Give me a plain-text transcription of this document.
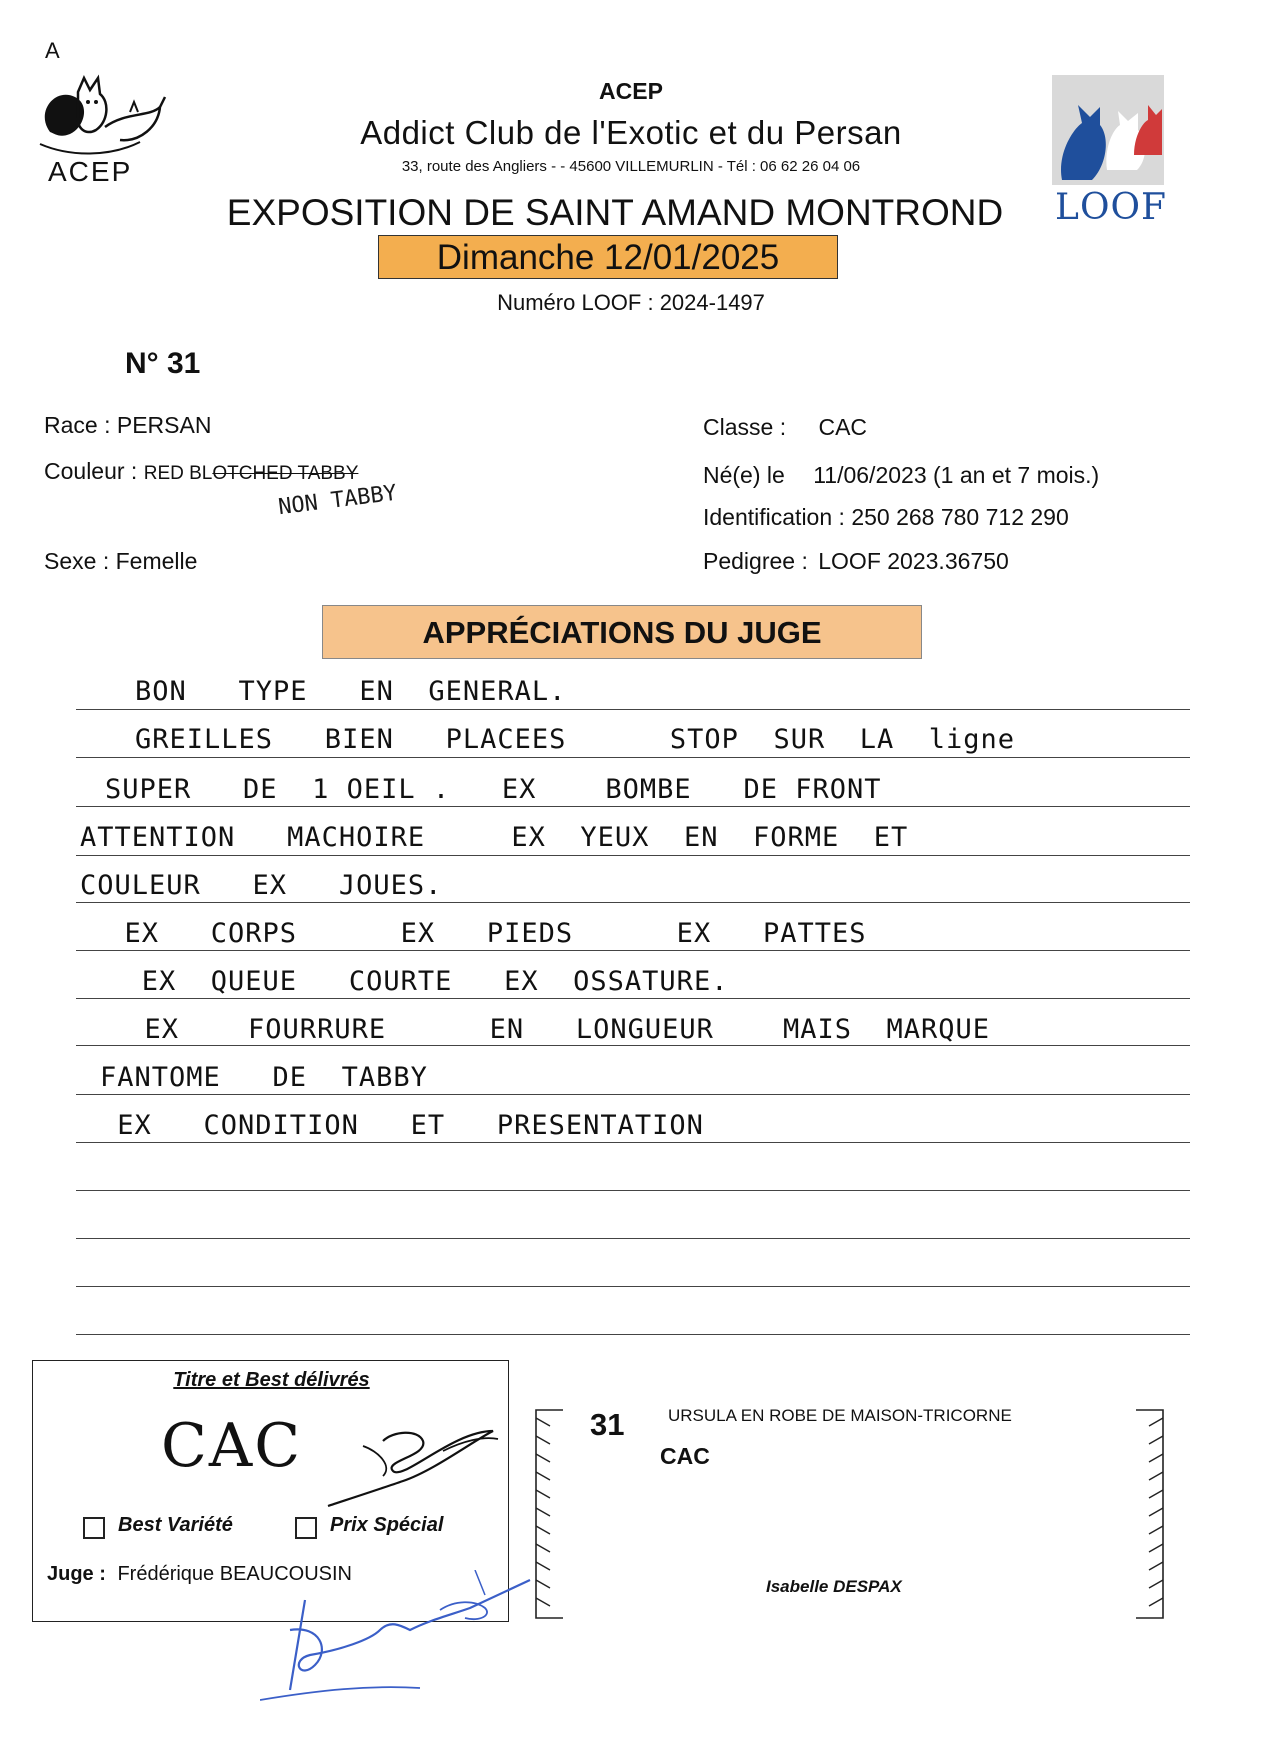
A
ACEP
ACEP
Addict Club de l'Exotic et du Persan
33, route des Angliers - - 45600 VILLEMURLIN - Tél : 06 62 26 04 06
EXPOSITION DE SAINT AMAND MONTROND
Dimanche 12/01/2025
Numéro LOOF : 2024-1497
LOOF
N° 31
Race : PERSAN
Couleur : RED BLOTCHED TABBY
NON TABBY
Sexe : Femelle
Classe : CAC
Né(e) le 11/06/2023 (1 an et 7 mois.)
Identification : 250 268 780 712 290
Pedigree : LOOF 2023.36750
APPRÉCIATIONS DU JUGE
BON   TYPE   EN  GENERAL.
GREILLES   BIEN   PLACEES      STOP  SUR  LA  ligne
SUPER   DE  1 OEIL .   EX    BOMBE   DE FRONT
ATTENTION   MACHOIRE     EX  YEUX  EN  FORME  ET
COULEUR   EX   JOUES.
EX   CORPS      EX   PIEDS      EX   PATTES
EX  QUEUE   COURTE   EX  OSSATURE.
EX    FOURRURE      EN   LONGUEUR    MAIS  MARQUE
FANTOME   DE  TABBY
EX   CONDITION   ET   PRESENTATION
Titre et Best délivrés
CAC
Best Variété	Prix Spécial
Juge : Frédérique BEAUCOUSIN
31	URSULA EN ROBE DE MAISON-TRICORNE
CAC
Isabelle DESPAX
